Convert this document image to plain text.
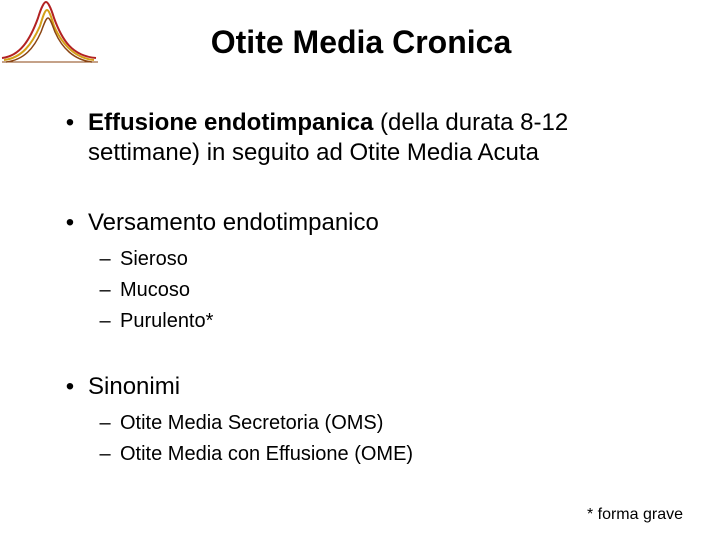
Otite Media Cronica
• Effusione endotimpanica (della durata 8-12 settimane) in seguito ad Otite Media Acuta
• Versamento endotimpanico
– Sieroso
– Mucoso
– Purulento*
• Sinonimi
– Otite Media Secretoria (OMS)
– Otite Media con Effusione (OME)
* forma grave
